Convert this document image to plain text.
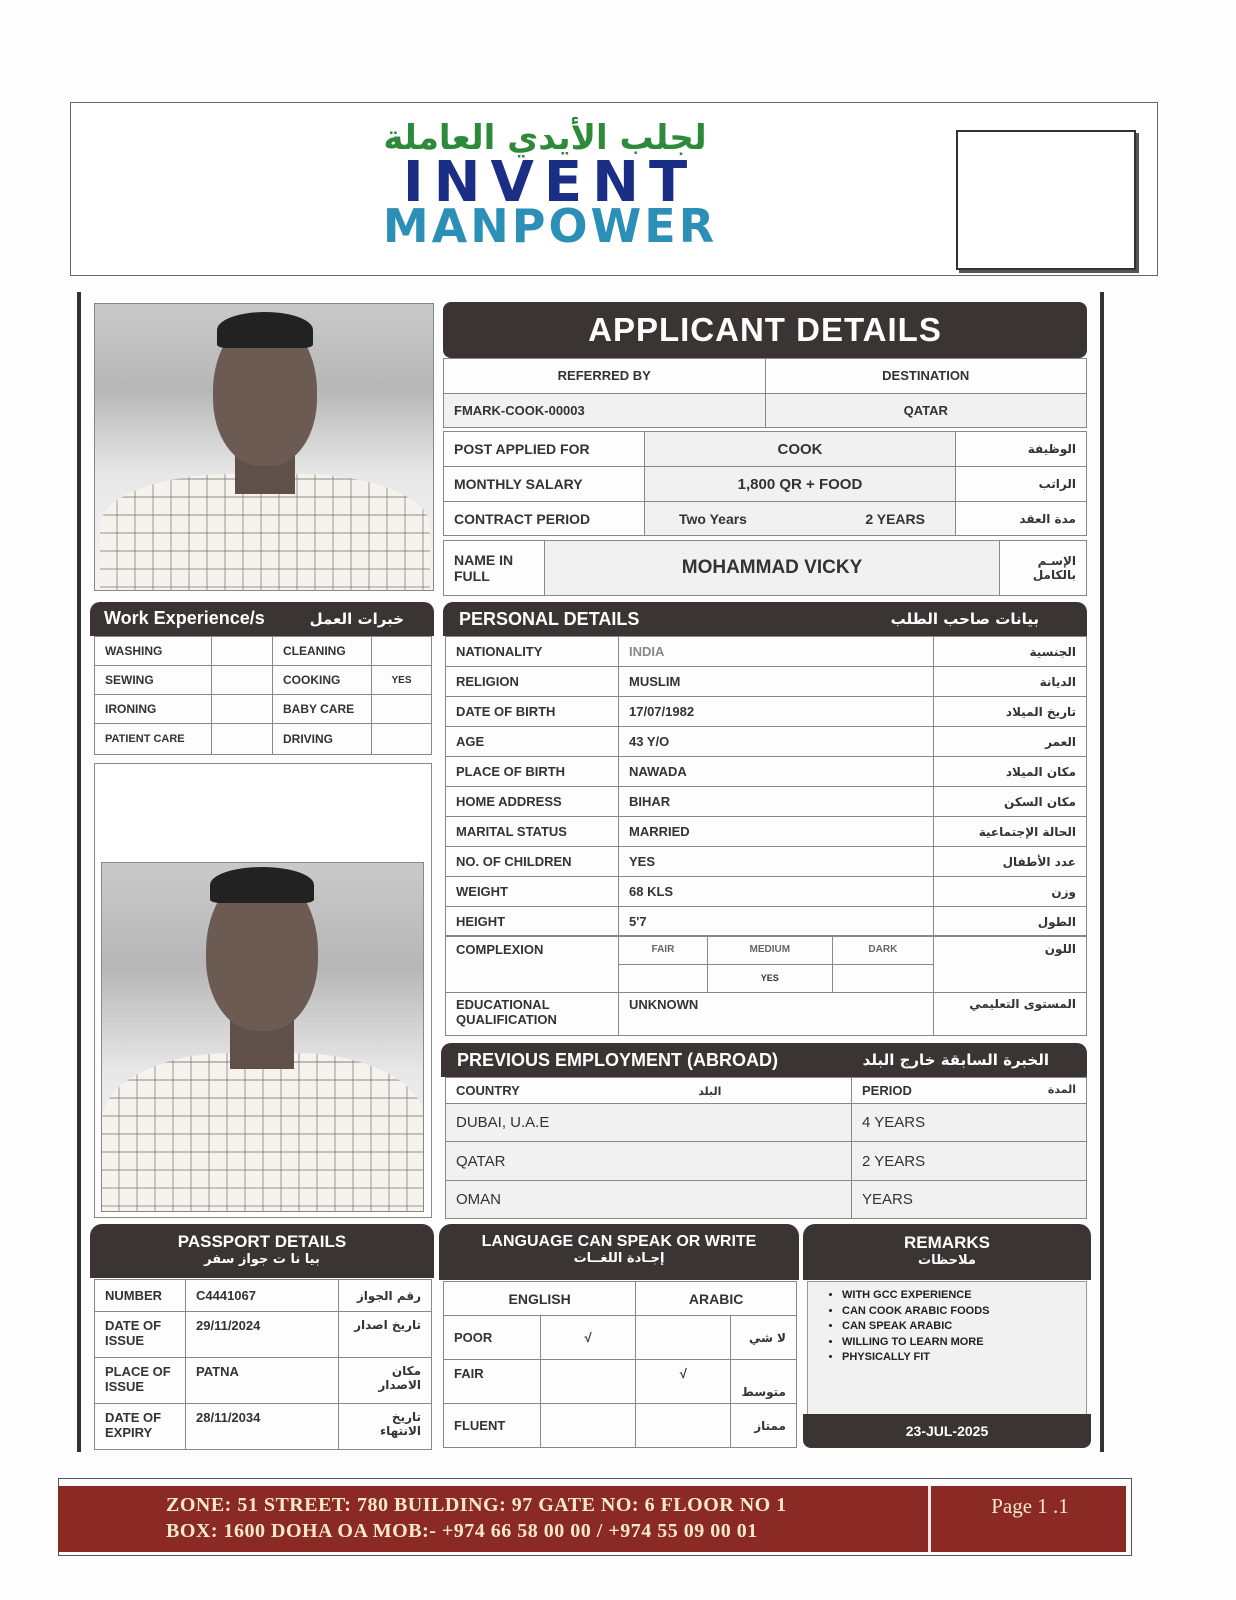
لجلب الأيدي العاملة
INVENT
MANPOWER
APPLICANT DETAILS
REFERRED BY	DESTINATION
FMARK-COOK-00003	QATAR
POST APPLIED FOR	COOK	الوظيفة
MONTHLY SALARY	1,800 QR + FOOD	الراتب
CONTRACT PERIOD	Two Years 2 YEARS	مدة العقد
NAME IN FULL	MOHAMMAD VICKY	الإسـم بالكامل
Work Experience/s	خبرات العمل
WASHING		CLEANING	
SEWING		COOKING	YES
IRONING		BABY CARE	
PATIENT CARE		DRIVING	
PERSONAL DETAILS	بيانات صاحب الطلب
NATIONALITY	INDIA	الجنسية
RELIGION	MUSLIM	الديانة
DATE OF BIRTH	17/07/1982	تاريخ الميلاد
AGE	43 Y/O	العمر
PLACE OF BIRTH	NAWADA	مكان الميلاد
HOME ADDRESS	BIHAR	مكان السكن
MARITAL STATUS	MARRIED	الحالة الإجتماعية
NO. OF CHILDREN	YES	عدد الأطفال
WEIGHT	68 KLS	وزن
HEIGHT	5'7	الطول
COMPLEXION	FAIR	MEDIUM	DARK	اللون
		YES		
EDUCATIONAL QUALIFICATION	UNKNOWN	المستوى التعليمي
PREVIOUS EMPLOYMENT (ABROAD)	الخبرة السابقة خارج البلد
COUNTRY البلد	PERIOD المدة

DUBAI, U.A.E	4 YEARS
QATAR	2 YEARS
OMAN	YEARS
PASSPORT DETAILS
بيا نا ت جواز سفر
NUMBER	C4441067	رقم الجواز
DATE OF ISSUE	29/11/2024	تاريخ اصدار
PLACE OF ISSUE	PATNA	مكان الاصدار
DATE OF EXPIRY	28/11/2034	تاريخ الانتهاء
LANGUAGE CAN SPEAK OR WRITE
إجـادة اللغــات
ENGLISH		ARABIC	
POOR	√		لا شي
FAIR		√	متوسط
FLUENT			ممتاز
REMARKS
ملاحظات
• WITH GCC EXPERIENCE
• CAN COOK ARABIC FOODS
• CAN SPEAK ARABIC
• WILLING TO LEARN MORE
• PHYSICALLY FIT
23-JUL-2025
ZONE: 51 STREET: 780 BUILDING: 97 GATE NO: 6 FLOOR NO 1
BOX: 1600 DOHA OA MOB:- +974 66 58 00 00 / +974 55 09 00 01
Page 1 .1
